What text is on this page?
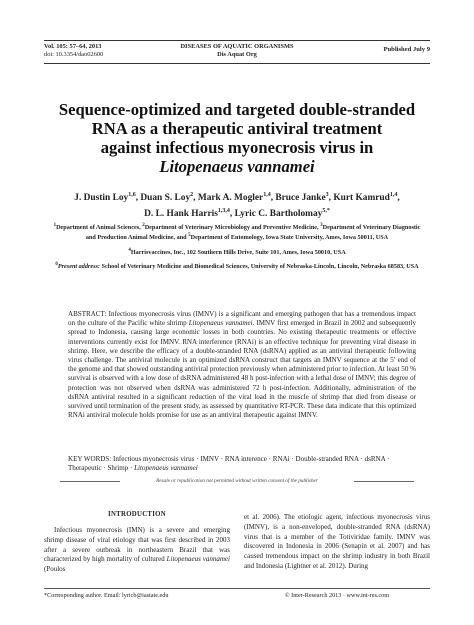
Vol. 105: 57–64, 2013
doi: 10.3354/dao02600
DISEASES OF AQUATIC ORGANISMS
Dis Aquat Org
Published July 9
Sequence-optimized and targeted double-stranded
RNA as a therapeutic antiviral treatment
against infectious myonecrosis virus in
Litopenaeus vannamei
J. Dustin Loy$^{1,6}$, Duan S. Loy$^2$, Mark A. Mogler$^{1,4}$, Bruce Janke$^3$, Kurt Kamrud$^{1,4}$,
D. L. Hank Harris$^{1,3,4}$, Lyric C. Bartholomay$^{5,*}$

$^1$Department of Animal Sciences, $^2$Department of Veterinary Microbiology and Preventive Medicine, $^3$Department of Veterinary Diagnostic and Production Animal Medicine, and $^5$Department of Entomology, Iowa State University, Ames, Iowa 50011, USA

$^4$Harrisvaccines, Inc., 102 Southern Hills Drive, Suite 101, Ames, Iowa 50010, USA

$^6$Present address: School of Veterinary Medicine and Biomedical Sciences, University of Nebraska-Lincoln, Lincoln, Nebraska 68583, USA

ABSTRACT: Infectious myonecrosis virus (IMNV) is a significant and emerging pathogen that has a tremendous impact on the culture of the Pacific white shrimp Litopenaeus vannamei. IMNV first emerged in Brazil in 2002 and subsequently spread to Indonesia, causing large economic losses in both countries. No existing therapeutic treatments or effective interventions currently exist for IMNV. RNA interference (RNAi) is an effective technique for preventing viral disease in shrimp. Here, we describe the efficacy of a double-stranded RNA (dsRNA) applied as an antiviral therapeutic following virus challenge. The antiviral molecule is an optimized dsRNA construct that targets an IMNV sequence at the 5′ end of the genome and that showed outstanding antiviral protection previously when administered prior to infection. At least 50 % survival is observed with a low dose of dsRNA administered 48 h post-infection with a lethal dose of IMNV; this degree of protection was not observed when dsRNA was administered 72 h post-infection. Additionally, administration of the dsRNA antiviral resulted in a significant reduction of the viral load in the muscle of shrimp that died from disease or survived until termination of the present study, as assessed by quantitative RT-PCR. These data indicate that this optimized RNAi antiviral molecule holds promise for use as an antiviral therapeutic against IMNV.
KEY WORDS: Infectious myonecrosis virus · IMNV · RNA interence · RNAi · Double-stranded RNA · dsRNA · Therapeutic · Shrimp · Litopenaeus vannamei
Resale or republication not permitted without written consent of the publisher
INTRODUCTION
Infectious myonecrosis (IMN) is a severe and emerging shrimp disease of viral etiology that was first described in 2003 after a severe outbreak in northeastern Brazil that was characterized by high mortality of cultured Litopenaeus vannamei (Poulos
et al. 2006). The etiologic agent, infectious myonecrosis virus (IMNV), is a non-enveloped, double-stranded RNA (dsRNA) virus that is a member of the Totiviridae family. IMNV was discovered in Indonesia in 2006 (Senapin et al. 2007) and has caused tremendous impact on the shrimp industry in both Brazil and Indonesia (Lightner et al. 2012). During
*Corresponding author. Email: lyricb@iastate.edu	© Inter-Research 2013 · www.int-res.com
